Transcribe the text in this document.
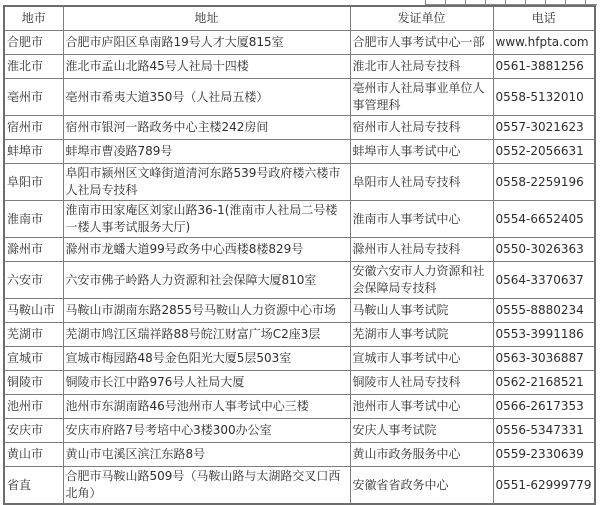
地市	地址	发证单位	电话
合肥市	合肥市庐阳区阜南路19号人才大厦815室	合肥市人事考试中心一部	www.hfpta.com
淮北市	淮北市孟山北路45号人社局十四楼	淮北市人社局专技科	0561-3881256
亳州市	亳州市希夷大道350号（人社局五楼）	亳州市人社局事业单位人事管理科	0558-5132010
宿州市	宿州市银河一路政务中心主楼242房间	宿州市人社局专技科	0557-3021623
蚌埠市	蚌埠市曹凌路789号	蚌埠市人事考试中心	0552-2056631
阜阳市	阜阳市颍州区文峰街道清河东路539号政府楼六楼市人社局专技科	阜阳市人社局专技科	0558-2259196
淮南市	淮南市田家庵区刘家山路36-1(淮南市人社局二号楼一楼人事考试服务大厅)	淮南市人事考试中心	0554-6652405
滁州市	滁州市龙蟠大道99号政务中心西楼8楼829号	滁州市人社局专技科	0550-3026363
六安市	六安市佛子岭路人力资源和社会保障大厦810室	安徽六安市人力资源和社会保障局专技科	0564-3370637
马鞍山市	马鞍山市湖南东路2855号马鞍山人力资源中心市场	马鞍山人事考试院	0555-8880234
芜湖市	芜湖市鸠江区瑞祥路88号皖江财富广场C2座3层	芜湖市人事考试院	0553-3991186
宣城市	宣城市梅园路48号金色阳光大厦5层503室	宣城市人事考试中心	0563-3036887
铜陵市	铜陵市长江中路976号人社局大厦	铜陵市人社局专技科	0562-2168521
池州市	池州市东湖南路46号池州市人事考试中心三楼	池州市人事考试中心	0566-2617353
安庆市	安庆市府路7号考培中心3楼300办公室	安庆人事考试院	0556-5347331
黄山市	黄山市屯溪区滨江东路8号	黄山市政务服务中心	0559-2330639
省直	合肥市马鞍山路509号（马鞍山路与太湖路交叉口西北角）	安徽省省政务中心	0551-62999779
